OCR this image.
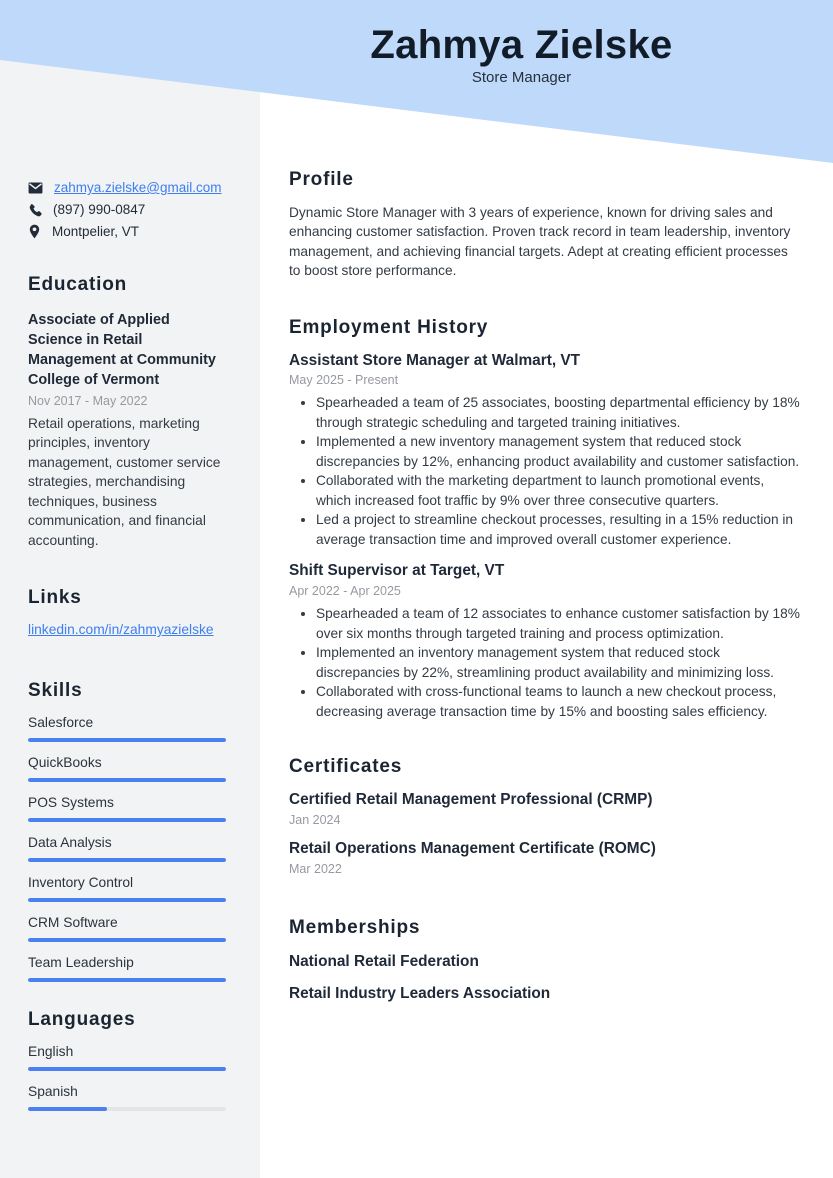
Zahmya Zielske
Store Manager
zahmya.zielske@gmail.com
(897) 990-0847
Montpelier, VT
Education
Associate of Applied Science in Retail Management at Community College of Vermont
Nov 2017 - May 2022
Retail operations, marketing principles, inventory management, customer service strategies, merchandising techniques, business communication, and financial accounting.
Links
linkedin.com/in/zahmyazielske
Skills
Salesforce
QuickBooks
POS Systems
Data Analysis
Inventory Control
CRM Software
Team Leadership
Languages
English
Spanish
Profile
Dynamic Store Manager with 3 years of experience, known for driving sales and enhancing customer satisfaction. Proven track record in team leadership, inventory management, and achieving financial targets. Adept at creating efficient processes to boost store performance.
Employment History
Assistant Store Manager at Walmart, VT
May 2025 - Present
• Spearheaded a team of 25 associates, boosting departmental efficiency by 18% through strategic scheduling and targeted training initiatives.
• Implemented a new inventory management system that reduced stock discrepancies by 12%, enhancing product availability and customer satisfaction.
• Collaborated with the marketing department to launch promotional events, which increased foot traffic by 9% over three consecutive quarters.
• Led a project to streamline checkout processes, resulting in a 15% reduction in average transaction time and improved overall customer experience.
Shift Supervisor at Target, VT
Apr 2022 - Apr 2025
• Spearheaded a team of 12 associates to enhance customer satisfaction by 18% over six months through targeted training and process optimization.
• Implemented an inventory management system that reduced stock discrepancies by 22%, streamlining product availability and minimizing loss.
• Collaborated with cross-functional teams to launch a new checkout process, decreasing average transaction time by 15% and boosting sales efficiency.
Certificates
Certified Retail Management Professional (CRMP)
Jan 2024
Retail Operations Management Certificate (ROMC)
Mar 2022
Memberships
National Retail Federation
Retail Industry Leaders Association
